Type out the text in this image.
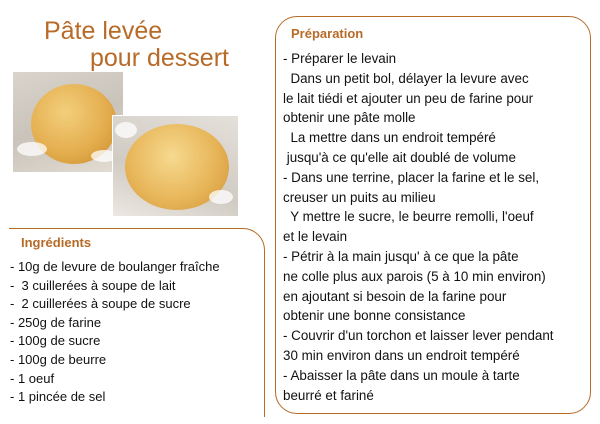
Pâte levée
pour dessert
Ingrédients
- 10g de levure de boulanger fraîche
-  3 cuillerées à soupe de lait
-  2 cuillerées à soupe de sucre
- 250g de farine
- 100g de sucre
- 100g de beurre
- 1 oeuf
- 1 pincée de sel
Préparation
- Préparer le levain
Dans un petit bol, délayer la levure avec
le lait tiédi et ajouter un peu de farine pour
obtenir une pâte molle
La mettre dans un endroit tempéré
jusqu'à ce qu'elle ait doublé de volume
- Dans une terrine, placer la farine et le sel,
creuser un puits au milieu
Y mettre le sucre, le beurre remolli, l'oeuf
et le levain
- Pétrir à la main jusqu' à ce que la pâte
ne colle plus aux parois (5 à 10 min environ)
en ajoutant si besoin de la farine pour
obtenir une bonne consistance
- Couvrir d'un torchon et laisser lever pendant
30 min environ dans un endroit tempéré
- Abaisser la pâte dans un moule à tarte
beurré et fariné
